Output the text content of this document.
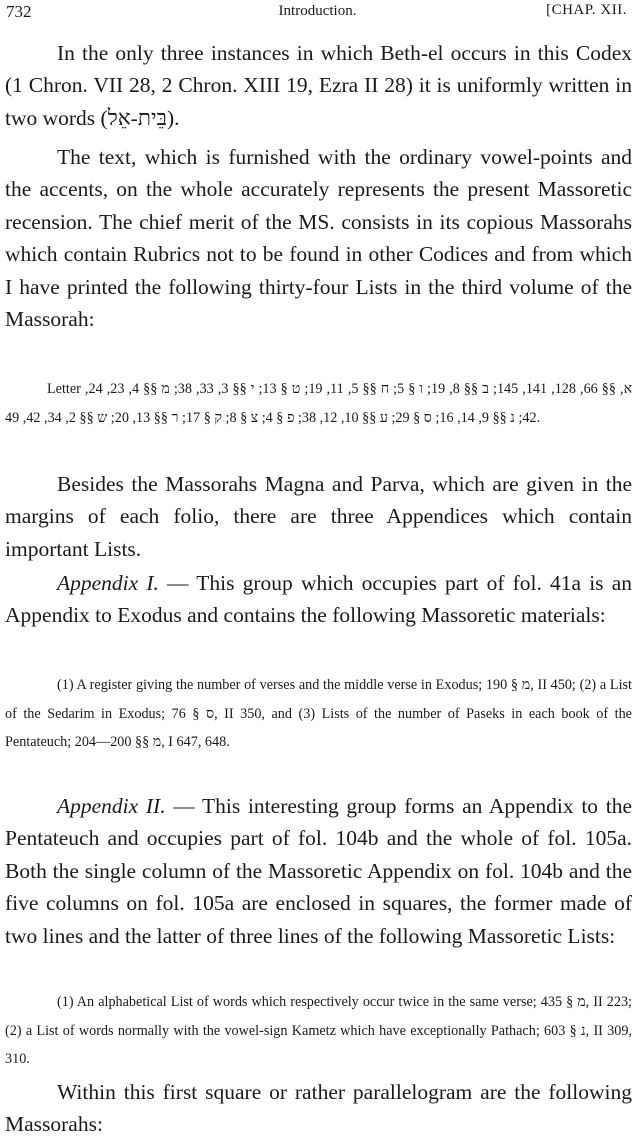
732	Introduction.	[CHAP. XII.

In the only three instances in which Beth-el occurs in this Codex (1 Chron. VII 28, 2 Chron. XIII 19, Ezra II 28) it is uniformly written in two words (בֵּית-אֵל).

The text, which is furnished with the ordinary vowel-points and the accents, on the whole accurately represents the present Massoretic recension. The chief merit of the MS. consists in its copious Massorahs which contain Rubrics not to be found in other Codices and from which I have printed the following thirty-four Lists in the third volume of the Massorah:

Letter א, §§ 66, 128, 141, 145; ב §§ 8, 19; ו § 5; ח §§ 5, 11, 19; ט § 13; י §§ 3, 33, 38; מ §§ 4, 23, 24, 42; נ §§ 9, 14, 16; ס § 29; ע §§ 10, 12, 38; פ § 4; צ § 8; ק § 17; ר §§ 13, 20; ש §§ 2, 34, 42, 49.

Besides the Massorahs Magna and Parva, which are given in the margins of each folio, there are three Appendices which contain important Lists.

Appendix I. — This group which occupies part of fol. 41a is an Appendix to Exodus and contains the following Massoretic materials:

(1) A register giving the number of verses and the middle verse in Exodus; מ § 190, II 450; (2) a List of the Sedarim in Exodus; ס § 76, II 350, and (3) Lists of the number of Paseks in each book of the Pentateuch; מ §§ 200—204, I 647, 648.

Appendix II. — This interesting group forms an Appendix to the Pentateuch and occupies part of fol. 104b and the whole of fol. 105a. Both the single column of the Massoretic Appendix on fol. 104b and the five columns on fol. 105a are enclosed in squares, the former made of two lines and the latter of three lines of the following Massoretic Lists:

(1) An alphabetical List of words which respectively occur twice in the same verse; מ § 435, II 223; (2) a List of words normally with the vowel-sign Kametz which have exceptionally Pathach; נ § 603, II 309, 310.

Within this first square or rather parallelogram are the following Massorahs:
